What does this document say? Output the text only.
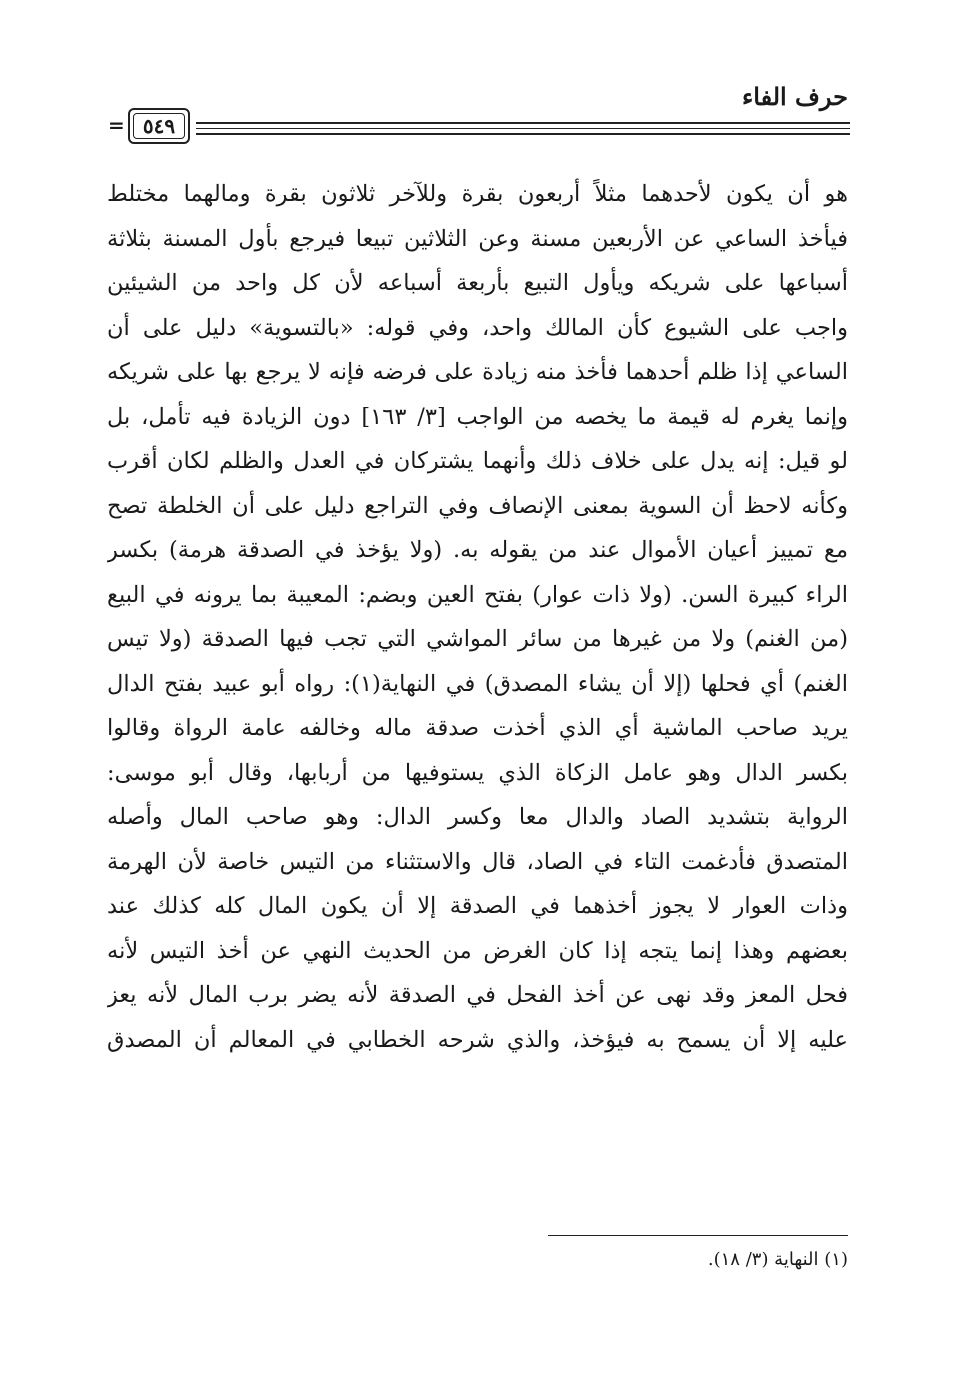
حرف الفاء
٥٤٩
=
هو أن يكون لأحدهما مثلاً أربعون بقرة وللآخر ثلاثون بقرة ومالهما مختلط
فيأخذ الساعي عن الأربعين مسنة وعن الثلاثين تبيعا فيرجع بأول المسنة بثلاثة
أسباعها على شريكه ويأول التبيع بأربعة أسباعه لأن كل واحد من الشيئين
واجب على الشيوع كأن المالك واحد، وفي قوله: «بالتسوية» دليل على أن
الساعي إذا ظلم أحدهما فأخذ منه زيادة على فرضه فإنه لا يرجع بها على شريكه
وإنما يغرم له قيمة ما يخصه من الواجب [٣/ ١٦٣] دون الزيادة فيه تأمل، بل
لو قيل: إنه يدل على خلاف ذلك وأنهما يشتركان في العدل والظلم لكان أقرب
وكأنه لاحظ أن السوية بمعنى الإنصاف وفي التراجع دليل على أن الخلطة تصح
مع تمييز أعيان الأموال عند من يقوله به. (ولا يؤخذ في الصدقة هرمة) بكسر
الراء كبيرة السن. (ولا ذات عوار) بفتح العين وبضم: المعيبة بما يرونه في البيع
(من الغنم) ولا من غيرها من سائر المواشي التي تجب فيها الصدقة (ولا تيس
الغنم) أي فحلها (إلا أن يشاء المصدق) في النهاية(١): رواه أبو عبيد بفتح الدال
يريد صاحب الماشية أي الذي أخذت صدقة ماله وخالفه عامة الرواة وقالوا
بكسر الدال وهو عامل الزكاة الذي يستوفيها من أربابها، وقال أبو موسى:
الرواية بتشديد الصاد والدال معا وكسر الدال: وهو صاحب المال وأصله
المتصدق فأدغمت التاء في الصاد، قال والاستثناء من التيس خاصة لأن الهرمة
وذات العوار لا يجوز أخذهما في الصدقة إلا أن يكون المال كله كذلك عند
بعضهم وهذا إنما يتجه إذا كان الغرض من الحديث النهي عن أخذ التيس لأنه
فحل المعز وقد نهى عن أخذ الفحل في الصدقة لأنه يضر برب المال لأنه يعز
عليه إلا أن يسمح به فيؤخذ، والذي شرحه الخطابي في المعالم أن المصدق
(١) النهاية (٣/ ١٨).
